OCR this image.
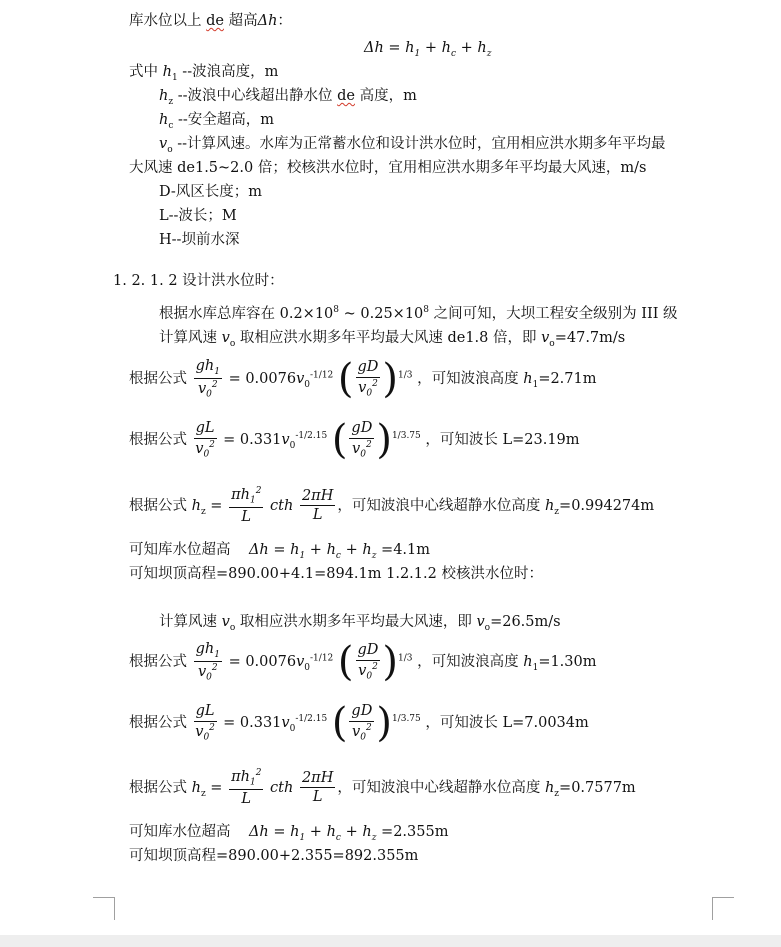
库水位以上 de 超高Δh：
$\Delta h = h_1 + h_c + h_z$
式中 $h_1$ --波浪高度，m
$h_z$ --波浪中心线超出静水位 de 高度，m
$h_c$ --安全超高，m
$v_o$ --计算风速。水库为正常蓄水位和设计洪水位时，宜用相应洪水期多年平均最
大风速 de1.5~2.0 倍；校核洪水位时，宜用相应洪水期多年平均最大风速，m/s
D-风区长度；m
L--波长；M
H--坝前水深
1. 2. 1. 2 设计洪水位时：
根据水库总库容在 $0.2\times 10^8$ ~ $0.25\times 10^8$ 之间可知，大坝工程安全级别为 III 级
计算风速 $v_o$ 取相应洪水期多年平均最大风速 de1.8 倍，即 $v_o=47.7m/s$
根据公式 $\frac{gh_1}{v_0^2} = 0.0076v_0^{-1/12}$ ( $\frac{gD}{v_0^2} )^{1/3}$ ，可知波浪高度 $h_1=2.71m$
根据公式 $\frac{gL}{v_0^2} = 0.331v_0^{-1/2.15}$ ( $\frac{gD}{v_0^2} )^{1/3.75}$ ，可知波长 L=23.19m
根据公式 $h_z = \frac{\pi h_1^2}{L}$ cth $\frac{2\pi H}{L}$ ，可知波浪中心线超静水位高度 $h_z=0.994274m$
可知库水位超高    $\Delta h = h_1 + h_c + h_z =4.1m$
可知坝顶高程=890.00+4.1=894.1m 1.2.1.2 校核洪水位时：
计算风速 $v_o$ 取相应洪水期多年平均最大风速，即 $v_o=26.5m/s$
根据公式 $\frac{gh_1}{v_0^2} = 0.0076v_0^{-1/12}$ ( $\frac{gD}{v_0^2} )^{1/3}$ ，可知波浪高度 $h_1=1.30m$
根据公式 $\frac{gL}{v_0^2} = 0.331v_0^{-1/2.15}$ ( $\frac{gD}{v_0^2} )^{1/3.75}$ ，可知波长 L=7.0034m
根据公式 $h_z = \frac{\pi h_1^2}{L}$ cth $\frac{2\pi H}{L}$ ，可知波浪中心线超静水位高度 $h_z=0.7577m$
可知库水位超高    $\Delta h = h_1 + h_c + h_z =2.355m$
可知坝顶高程=890.00+2.355=892.355m
